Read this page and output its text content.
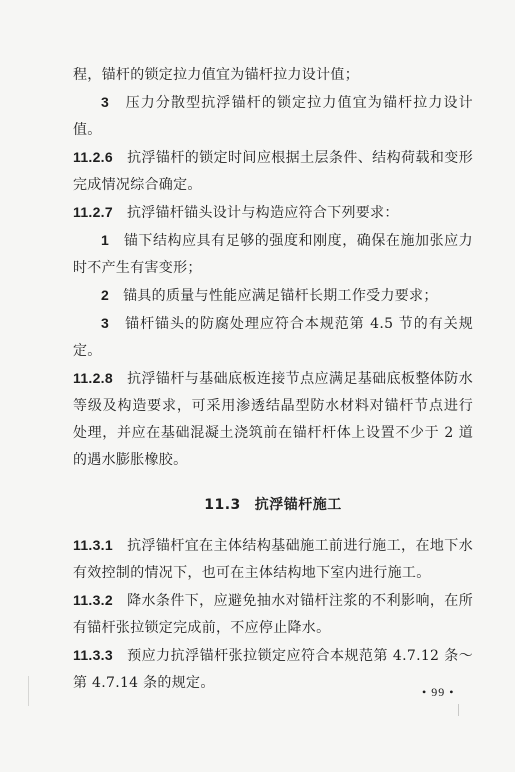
程，锚杆的锁定拉力值宜为锚杆拉力设计值；

3 压力分散型抗浮锚杆的锁定拉力值宜为锚杆拉力设计值。

11.2.6 抗浮锚杆的锁定时间应根据土层条件、结构荷载和变形完成情况综合确定。

11.2.7 抗浮锚杆锚头设计与构造应符合下列要求：

1 锚下结构应具有足够的强度和刚度，确保在施加张应力时不产生有害变形；

2 锚具的质量与性能应满足锚杆长期工作受力要求；

3 锚杆锚头的防腐处理应符合本规范第 4.5 节的有关规定。

11.2.8 抗浮锚杆与基础底板连接节点应满足基础底板整体防水等级及构造要求，可采用渗透结晶型防水材料对锚杆节点进行处理，并应在基础混凝土浇筑前在锚杆杆体上设置不少于 2 道的遇水膨胀橡胶。

11.3 抗浮锚杆施工

11.3.1 抗浮锚杆宜在主体结构基础施工前进行施工，在地下水有效控制的情况下，也可在主体结构地下室内进行施工。

11.3.2 降水条件下，应避免抽水对锚杆注浆的不利影响，在所有锚杆张拉锁定完成前，不应停止降水。

11.3.3 预应力抗浮锚杆张拉锁定应符合本规范第 4.7.12 条～第 4.7.14 条的规定。

• 99 •
